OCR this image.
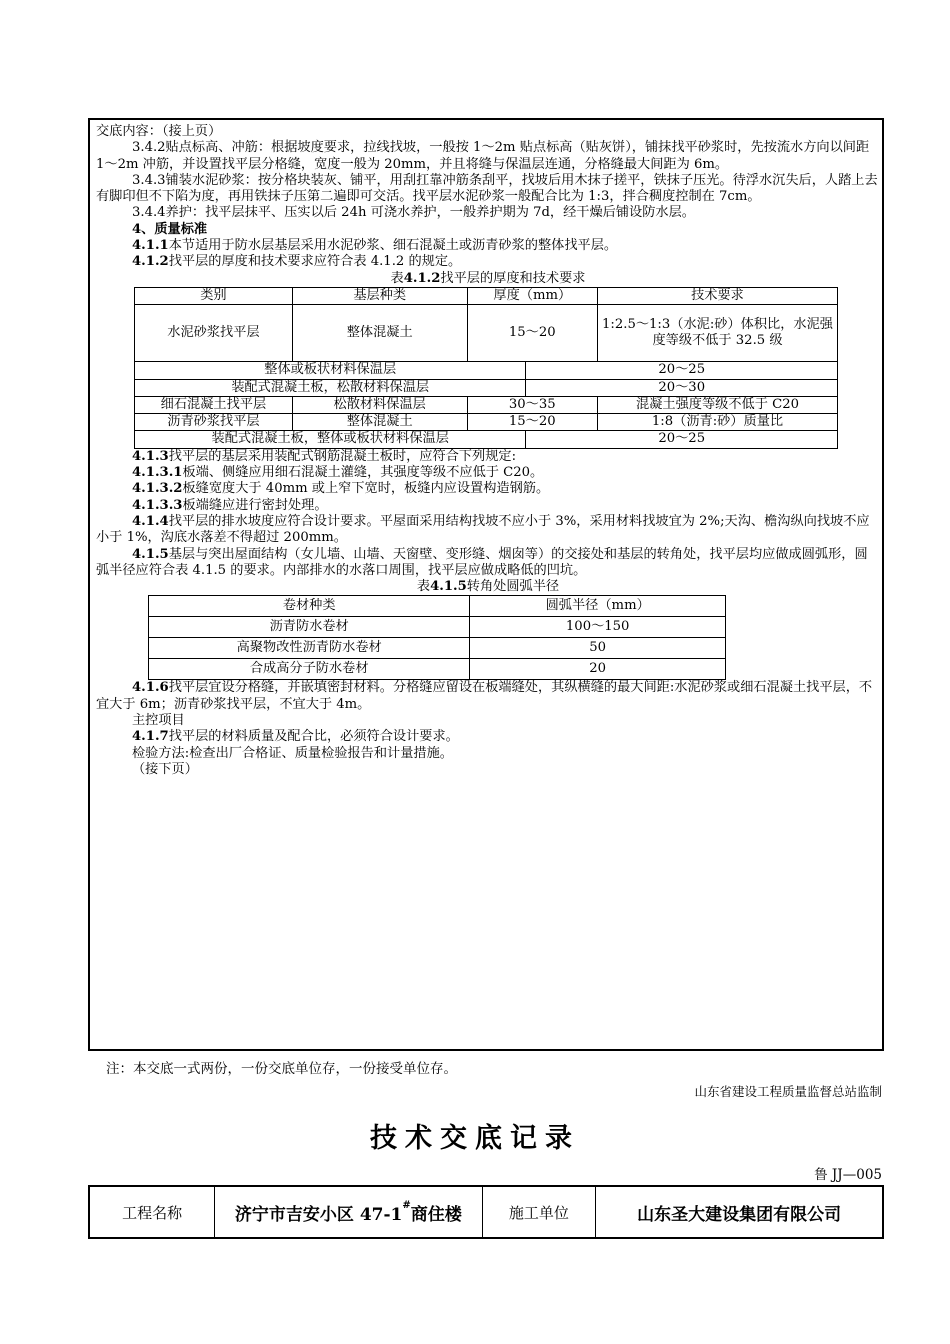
交底内容：（接上页）

3.4.2贴点标高、冲筋：根据坡度要求，拉线找坡，一般按 1～2m 贴点标高（贴灰饼），铺抹找平砂浆时，先按流水方向以间距 1～2m 冲筋，并设置找平层分格缝，宽度一般为 20mm，并且将缝与保温层连通，分格缝最大间距为 6m。

3.4.3铺装水泥砂浆：按分格块装灰、铺平，用刮扛靠冲筋条刮平，找坡后用木抹子搓平，铁抹子压光。待浮水沉失后，人踏上去有脚印但不下陷为度，再用铁抹子压第二遍即可交活。找平层水泥砂浆一般配合比为 1:3，拌合稠度控制在 7cm。

3.4.4养护：找平层抹平、压实以后 24h 可浇水养护，一般养护期为 7d，经干燥后铺设防水层。

4、质量标准

4.1.1本节适用于防水层基层采用水泥砂浆、细石混凝土或沥青砂浆的整体找平层。

4.1.2找平层的厚度和技术要求应符合表 4.1.2 的规定。

表4.1.2找平层的厚度和技术要求

类别	基层种类	厚度（mm）		技术要求
水泥砂浆找平层	整体混凝土	15～20		1:2.5～1:3（水泥:砂）体积比，水泥强度等级不低于 32.5 级
整体或板状材料保温层			20～25	
装配式混凝土板，松散材料保温层			20～30	
细石混凝土找平层	松散材料保温层	30～35		混凝土强度等级不低于 C20
沥青砂浆找平层	整体混凝土	15～20		1:8（沥青:砂）质量比
装配式混凝土板，整体或板状材料保温层			20～25	

4.1.3找平层的基层采用装配式钢筋混凝土板时，应符合下列规定:

4.1.3.1板端、侧缝应用细石混凝土灌缝，其强度等级不应低于 C20。

4.1.3.2板缝宽度大于 40mm 或上窄下宽时，板缝内应设置构造钢筋。

4.1.3.3板端缝应进行密封处理。

4.1.4找平层的排水坡度应符合设计要求。平屋面采用结构找坡不应小于 3%，采用材料找坡宜为 2%;天沟、檐沟纵向找坡不应小于 1%，沟底水落差不得超过 200mm。

4.1.5基层与突出屋面结构（女儿墙、山墙、天窗壁、变形缝、烟囱等）的交接处和基层的转角处，找平层均应做成圆弧形，圆弧半径应符合表 4.1.5 的要求。内部排水的水落口周围，找平层应做成略低的凹坑。

表4.1.5转角处圆弧半径

卷材种类	圆弧半径（mm）
沥青防水卷材	100～150
高聚物改性沥青防水卷材	50
合成高分子防水卷材	20

4.1.6找平层宜设分格缝，并嵌填密封材料。分格缝应留设在板端缝处，其纵横缝的最大间距:水泥砂浆或细石混凝土找平层，不宜大于 6m；沥青砂浆找平层，不宜大于 4m。

主控项目

4.1.7找平层的材料质量及配合比，必须符合设计要求。

检验方法:检查出厂合格证、质量检验报告和计量措施。

（接下页）

注：本交底一式两份，一份交底单位存，一份接受单位存。
山东省建设工程质量监督总站监制
技术交底记录
鲁 JJ—005
工程名称	济宁市吉安小区 47-1#商住楼	施工单位	山东圣大建设集团有限公司
